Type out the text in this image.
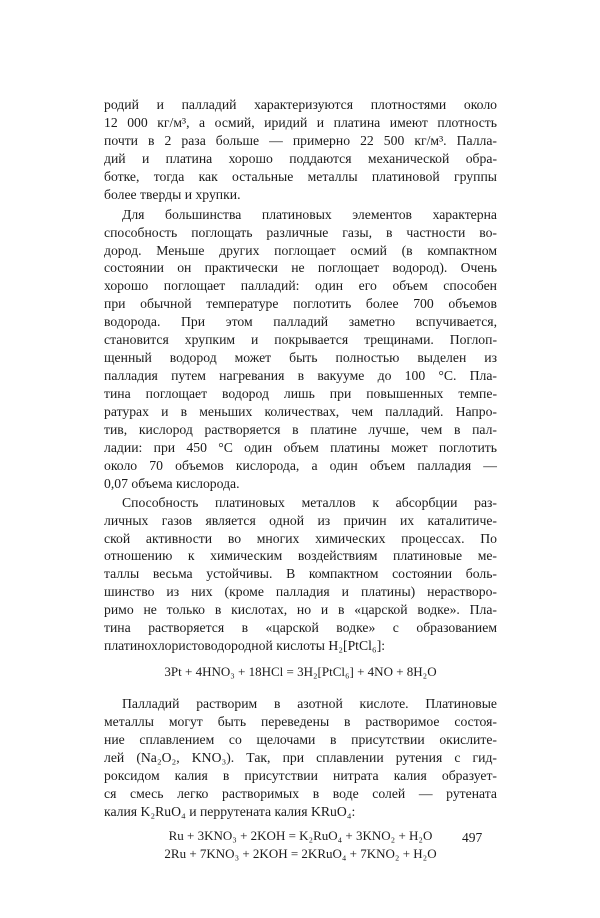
родий и палладий характеризуются плотностями около
12 000 кг/м³, а осмий, иридий и платина имеют плотность
почти в 2 раза больше — примерно 22 500 кг/м³. Палла-
дий и платина хорошо поддаются механической обра-
ботке, тогда как остальные металлы платиновой группы
более тверды и хрупки.
Для большинства платиновых элементов характерна
способность поглощать различные газы, в частности во-
дород. Меньше других поглощает осмий (в компактном
состоянии он практически не поглощает водород). Очень
хорошо поглощает палладий: один его объем способен
при обычной температуре поглотить более 700 объемов
водорода. При этом палладий заметно вспучивается,
становится хрупким и покрывается трещинами. Поглоп-
щенный водород может быть полностью выделен из
палладия путем нагревания в вакууме до 100 °С. Пла-
тина поглощает водород лишь при повышенных темпе-
ратурах и в меньших количествах, чем палладий. Напро-
тив, кислород растворяется в платине лучше, чем в пал-
ладии: при 450 °С один объем платины может поглотить
около 70 объемов кислорода, а один объем палладия —
0,07 объема кислорода.
Способность платиновых металлов к абсорбции раз-
личных газов является одной из причин их каталитиче-
ской активности во многих химических процессах. По
отношению к химическим воздействиям платиновые ме-
таллы весьма устойчивы. В компактном состоянии боль-
шинство из них (кроме палладия и платины) нерастворо-
римо не только в кислотах, но и в «царской водке». Пла-
тина растворяется в «царской водке» с образованием
платинохлористоводородной кислоты H₂[PtCl₆]:
3Pt + 4HNO₃ + 18HCl = 3H₂[PtCl₆] + 4NO + 8H₂O
Палладий растворим в азотной кислоте. Платиновые
металлы могут быть переведены в растворимое состоя-
ние сплавлением со щелочами в присутствии окислите-
лей (Na₂O₂, KNO₃). Так, при сплавлении рутения с гид-
роксидом калия в присутствии нитрата калия образует-
ся смесь легко растворимых в воде солей — рутената
калия K₂RuO₄ и перрутената калия KRuO₄:
Ru + 3KNO₃ + 2KOH = K₂RuO₄ + 3KNO₂ + H₂O
2Ru + 7KNO₃ + 2KOH = 2KRuO₄ + 7KNO₂ + H₂O
497
